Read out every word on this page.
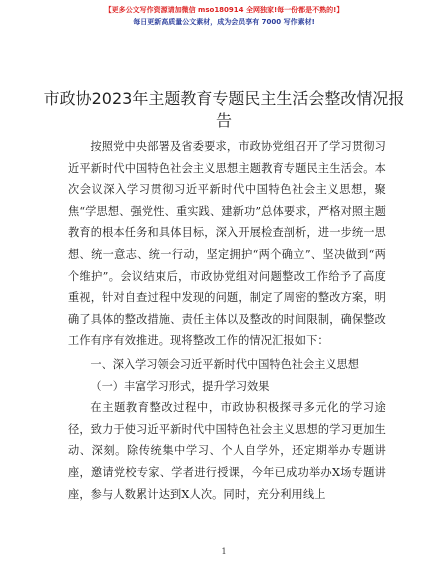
【更多公文写作资源请加微信 mso180914 全网独家!每一份都是不熟的!】
每日更新高质量公文素材，成为会员享有 7000 写作素材!
市政协2023年主题教育专题民主生活会整改情况报告

按照党中央部署及省委要求，市政协党组召开了学习贯彻习近平新时代中国特色社会主义思想主题教育专题民主生活会。本次会议深入学习贯彻习近平新时代中国特色社会主义思想，聚焦“学思想、强党性、重实践、建新功”总体要求，严格对照主题教育的根本任务和具体目标，深入开展检查剖析，进一步统一思想、统一意志、统一行动，坚定拥护“两个确立”、坚决做到“两个维护”。会议结束后，市政协党组对问题整改工作给予了高度重视，针对自查过程中发现的问题，制定了周密的整改方案，明确了具体的整改措施、责任主体以及整改的时间限制，确保整改工作有序有效推进。现将整改工作的情况汇报如下：

一、深入学习领会习近平新时代中国特色社会主义思想

（一）丰富学习形式，提升学习效果

在主题教育整改过程中，市政协积极探寻多元化的学习途径，致力于使习近平新时代中国特色社会主义思想的学习更加生动、深刻。除传统集中学习、个人自学外，还定期举办专题讲座，邀请党校专家、学者进行授课，今年已成功举办X场专题讲座，参与人数累计达到X人次。同时，充分利用线上

1
